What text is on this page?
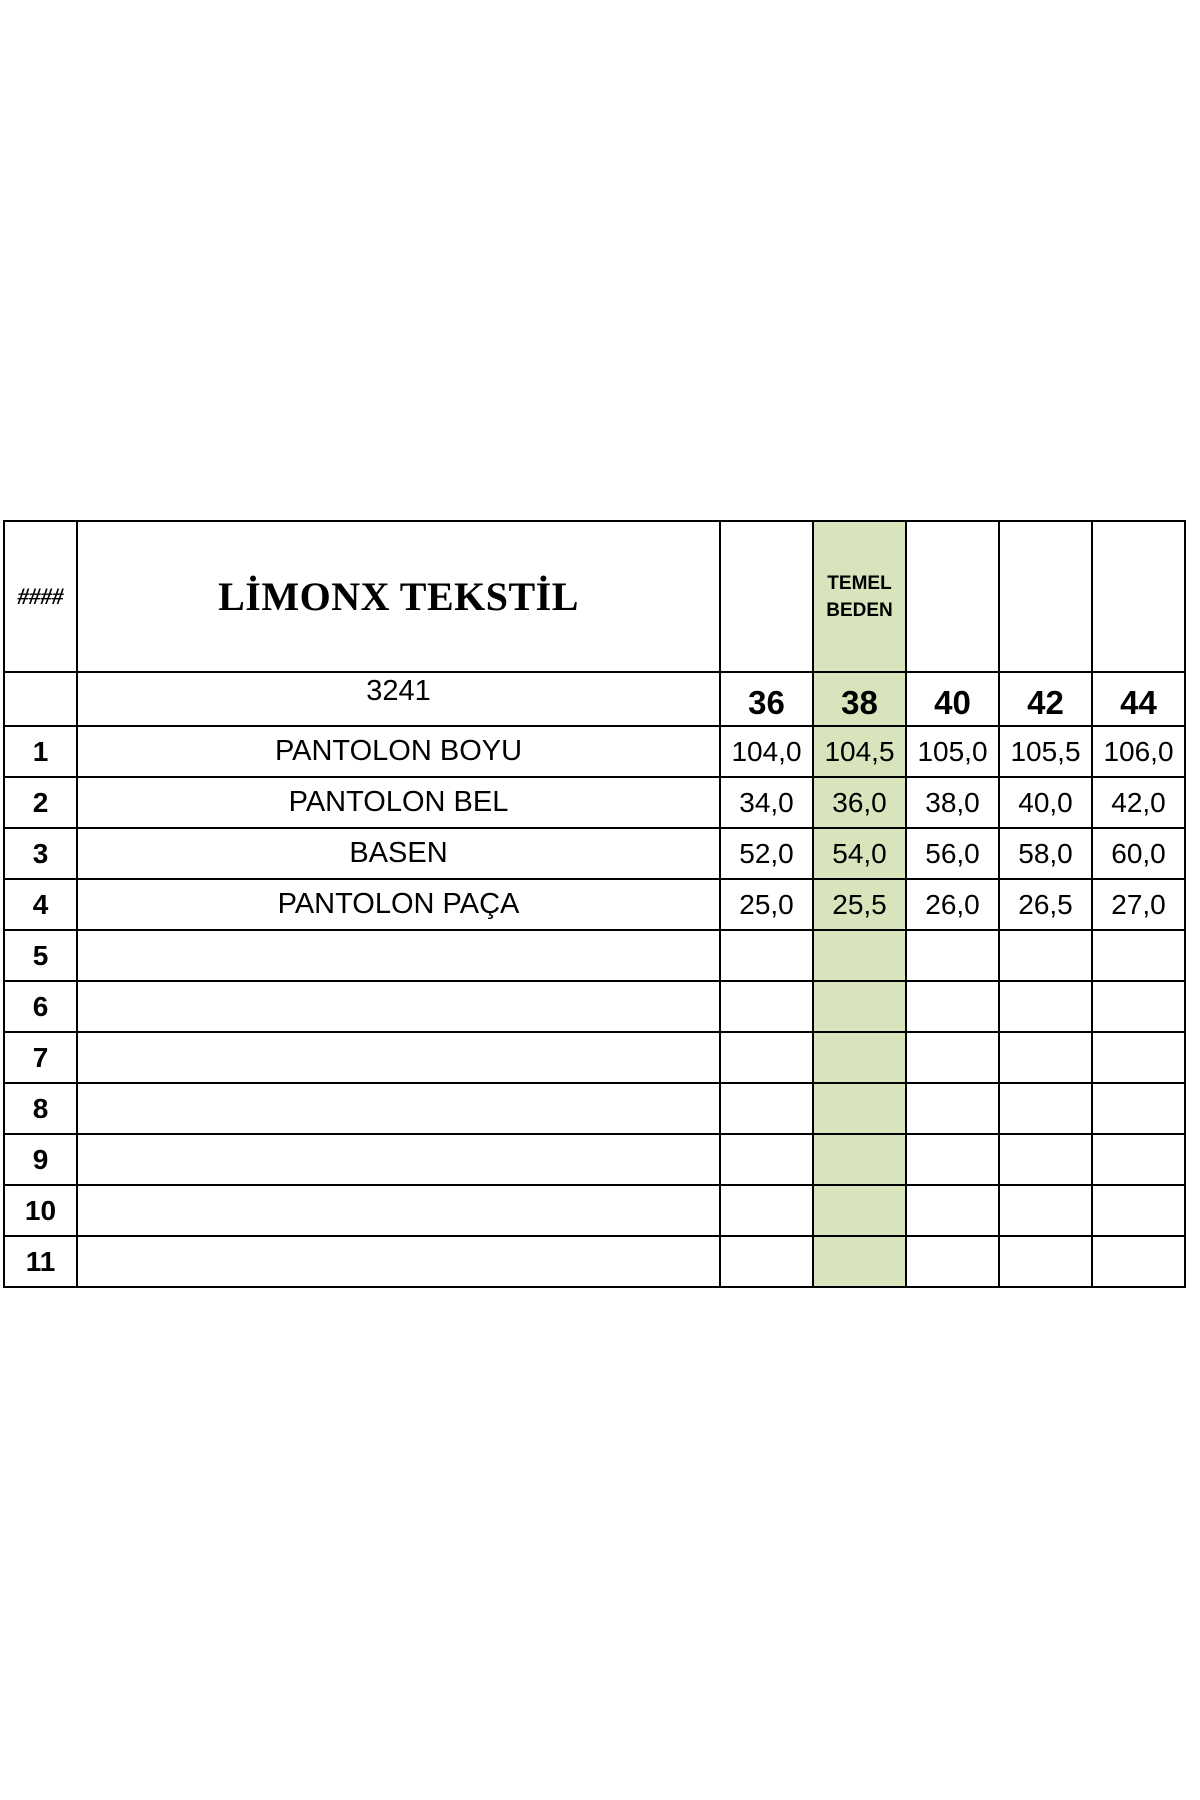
####	LİMONX TEKSTİL		TEMEL
BEDEN			
	3241	36	38	40	42	44
1	PANTOLON BOYU	104,0	104,5	105,0	105,5	106,0
2	PANTOLON BEL	34,0	36,0	38,0	40,0	42,0
3	BASEN	52,0	54,0	56,0	58,0	60,0
4	PANTOLON PAÇA	25,0	25,5	26,0	26,5	27,0
5						
6						
7						
8						
9						
10						
11						
